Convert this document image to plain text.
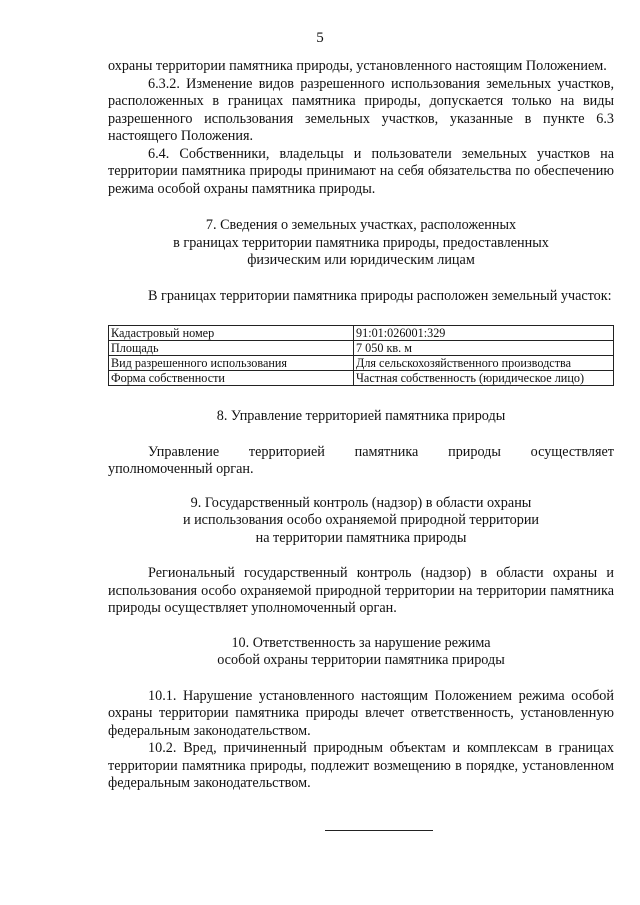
5

охраны территории памятника природы, установленного настоящим Положением.

6.3.2. Изменение видов разрешенного использования земельных участков, расположенных в границах памятника природы, допускается только на виды разрешенного использования земельных участков, указанные в пункте 6.3 настоящего Положения.

6.4. Собственники, владельцы и пользователи земельных участков на территории памятника природы принимают на себя обязательства по обеспечению режима особой охраны памятника природы.

7. Сведения о земельных участках, расположенных
в границах территории памятника природы, предоставленных
физическим или юридическим лицам

В границах территории памятника природы расположен земельный участок:

Кадастровый номер	91:01:026001:329
Площадь	7 050 кв. м
Вид разрешенного использования	Для сельскохозяйственного производства
Форма собственности	Частная собственность (юридическое лицо)

8. Управление территорией памятника природы

Управление территорией памятника природы осуществляет уполномоченный орган.

9. Государственный контроль (надзор) в области охраны
и использования особо охраняемой природной территории
на территории памятника природы

Региональный государственный контроль (надзор) в области охраны и использования особо охраняемой природной территории на территории памятника природы осуществляет уполномоченный орган.

10. Ответственность за нарушение режима
особой охраны территории памятника природы

10.1. Нарушение установленного настоящим Положением режима особой охраны территории памятника природы влечет ответственность, установленную федеральным законодательством.

10.2. Вред, причиненный природным объектам и комплексам в границах территории памятника природы, подлежит возмещению в порядке, установленном федеральным законодательством.
